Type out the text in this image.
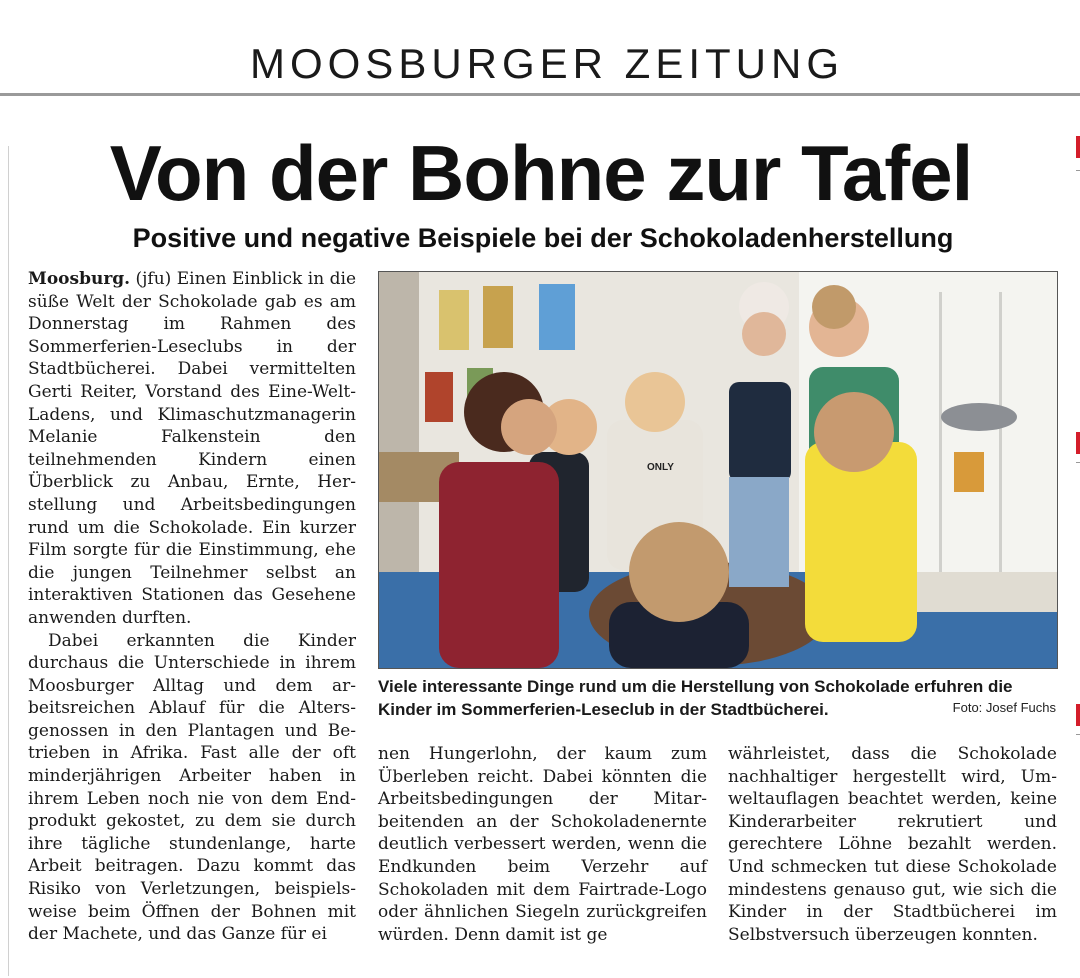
MOOSBURGER ZEITUNG
Von der Bohne zur Tafel
Positive und negative Beispiele bei der Schokoladenherstellung

Moosburg. (jfu) Einen Einblick in die süße Welt der Schokolade gab es am Donnerstag im Rahmen des Sommerferien-Leseclubs in der Stadtbücherei. Dabei vermittelten Gerti Reiter, Vorstand des Eine-Welt-Ladens, und Klimaschutzmanagerin Melanie Falkenstein den teilnehmenden Kindern einen Überblick zu Anbau, Ernte, Herstellung und Arbeitsbedingungen rund um die Schokolade. Ein kurzer Film sorgte für die Einstimmung, ehe die jungen Teilnehmer selbst an interaktiven Stationen das Gesehene anwenden durften.

Dabei erkannten die Kinder durchaus die Unterschiede in ihrem Moosburger Alltag und dem arbeitsreichen Ablauf für die Altersgenossen in den Plantagen und Betrieben in Afrika. Fast alle der oft minderjährigen Arbeiter haben in ihrem Leben noch nie von dem Endprodukt gekostet, zu dem sie durch ihre tägliche stundenlange, harte Arbeit beitragen. Dazu kommt das Risiko von Verletzungen, beispielsweise beim Öffnen der Bohnen mit der Machete, und das Ganze für ei

ONLY
Viele interessante Dinge rund um die Herstellung von Schokolade erfuhren die Kinder im Sommerferien-Leseclub in der Stadtbücherei.	Foto: Josef Fuchs

nen Hungerlohn, der kaum zum Überleben reicht. Dabei könnten die Arbeitsbedingungen der Mitarbeitenden an der Schokoladenernte deutlich verbessert werden, wenn die Endkunden beim Verzehr auf Schokoladen mit dem Fairtrade-Logo oder ähnlichen Siegeln zurückgreifen würden. Denn damit ist ge

währleistet, dass die Schokolade nachhaltiger hergestellt wird, Umweltauflagen beachtet werden, keine Kinderarbeiter rekrutiert und gerechtere Löhne bezahlt werden. Und schmecken tut diese Schokolade mindestens genauso gut, wie sich die Kinder in der Stadtbücherei im Selbstversuch überzeugen konnten.
